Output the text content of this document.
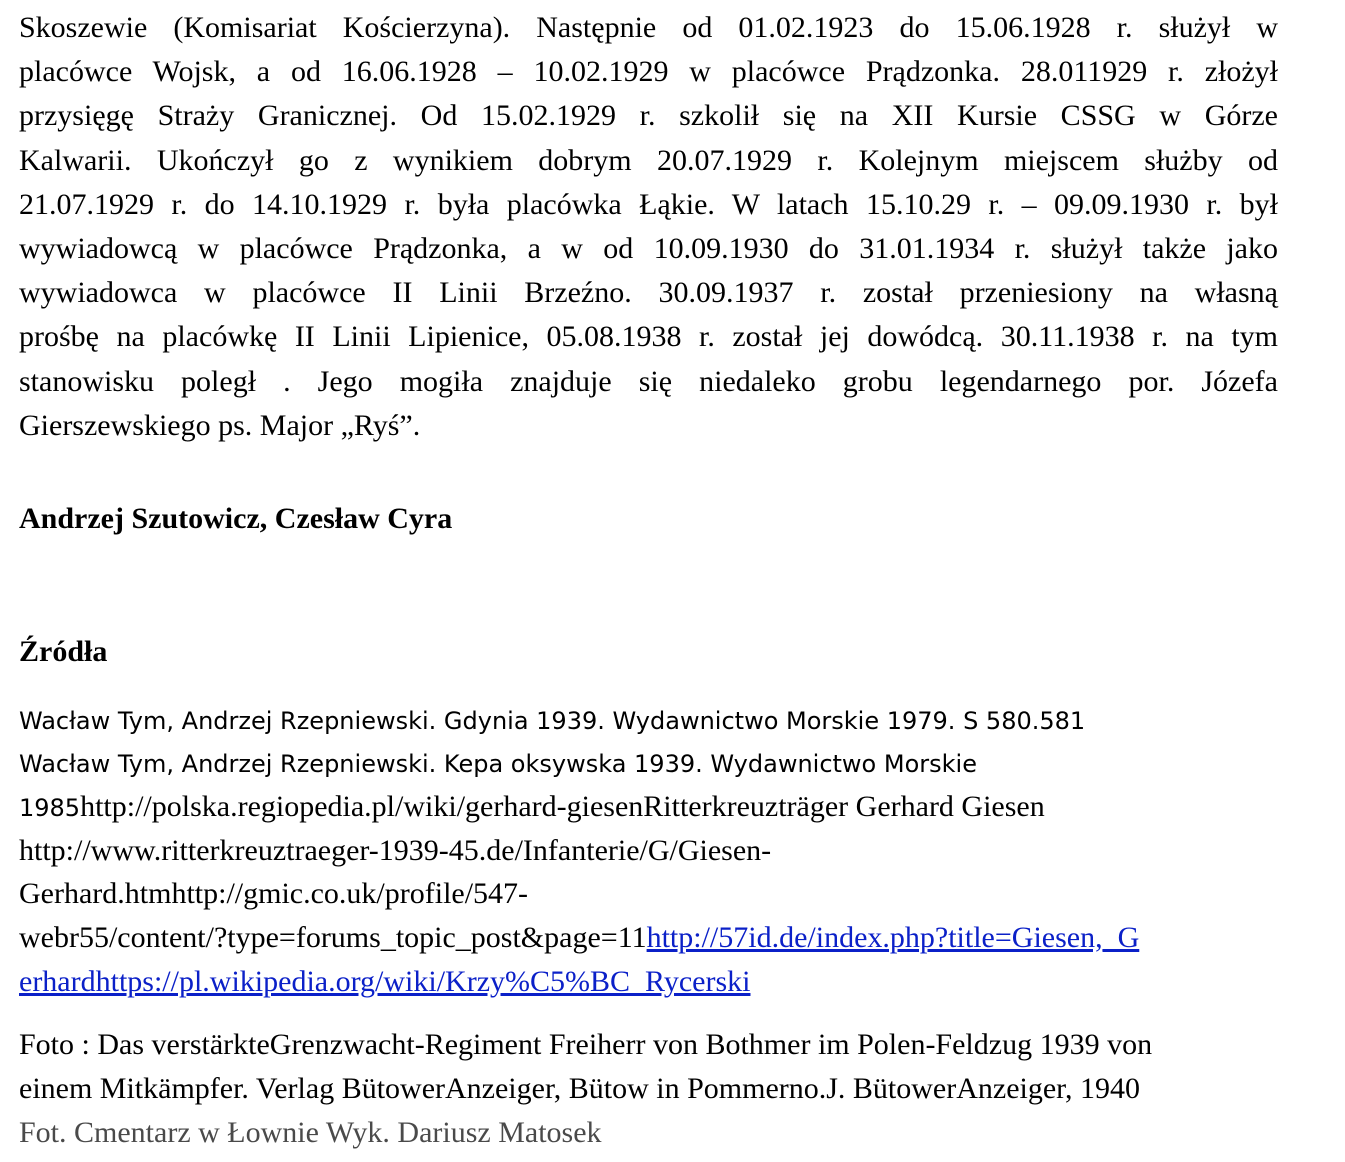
Skoszewie (Komisariat Kościerzyna). Następnie od 01.02.1923 do 15.06.1928 r. służył w
placówce Wojsk, a od 16.06.1928 – 10.02.1929 w placówce Prądzonka. 28.011929 r. złożył
przysięgę Straży Granicznej. Od 15.02.1929 r. szkolił się na XII Kursie CSSG w Górze
Kalwarii. Ukończył go z wynikiem dobrym 20.07.1929 r. Kolejnym miejscem służby od
21.07.1929 r. do 14.10.1929 r. była placówka Łąkie. W latach 15.10.29 r. – 09.09.1930 r. był
wywiadowcą w placówce Prądzonka, a w od 10.09.1930 do 31.01.1934 r. służył także jako
wywiadowca w placówce II Linii Brzeźno. 30.09.1937 r. został przeniesiony na własną
prośbę na placówkę II Linii Lipienice, 05.08.1938 r. został jej dowódcą. 30.11.1938 r. na tym
stanowisku poległ . Jego mogiła znajduje się niedaleko grobu legendarnego por. Józefa
Gierszewskiego ps. Major „Ryś”.

Andrzej Szutowicz, Czesław Cyra

Źródła

Wacław Tym, Andrzej Rzepniewski. Gdynia 1939. Wydawnictwo Morskie 1979. S 580.581

Wacław Tym, Andrzej Rzepniewski. Kepa oksywska 1939. Wydawnictwo Morskie

1985http://polska.regiopedia.pl/wiki/gerhard-giesenRitterkreuzträger Gerhard Giesen

http://www.ritterkreuztraeger-1939-45.de/Infanterie/G/Giesen-

Gerhard.htmhttp://gmic.co.uk/profile/547-

webr55/content/?type=forums_topic_post&page=11http://57id.de/index.php?title=Giesen,_G

erhardhttps://pl.wikipedia.org/wiki/Krzy%C5%BC_Rycerski

Foto : Das verstärkteGrenzwacht-Regiment Freiherr von Bothmer im Polen-Feldzug 1939 von

einem Mitkämpfer. Verlag BütowerAnzeiger, Bütow in Pommerno.J. BütowerAnzeiger, 1940

Fot. Cmentarz w Łownie Wyk. Dariusz Matosek
